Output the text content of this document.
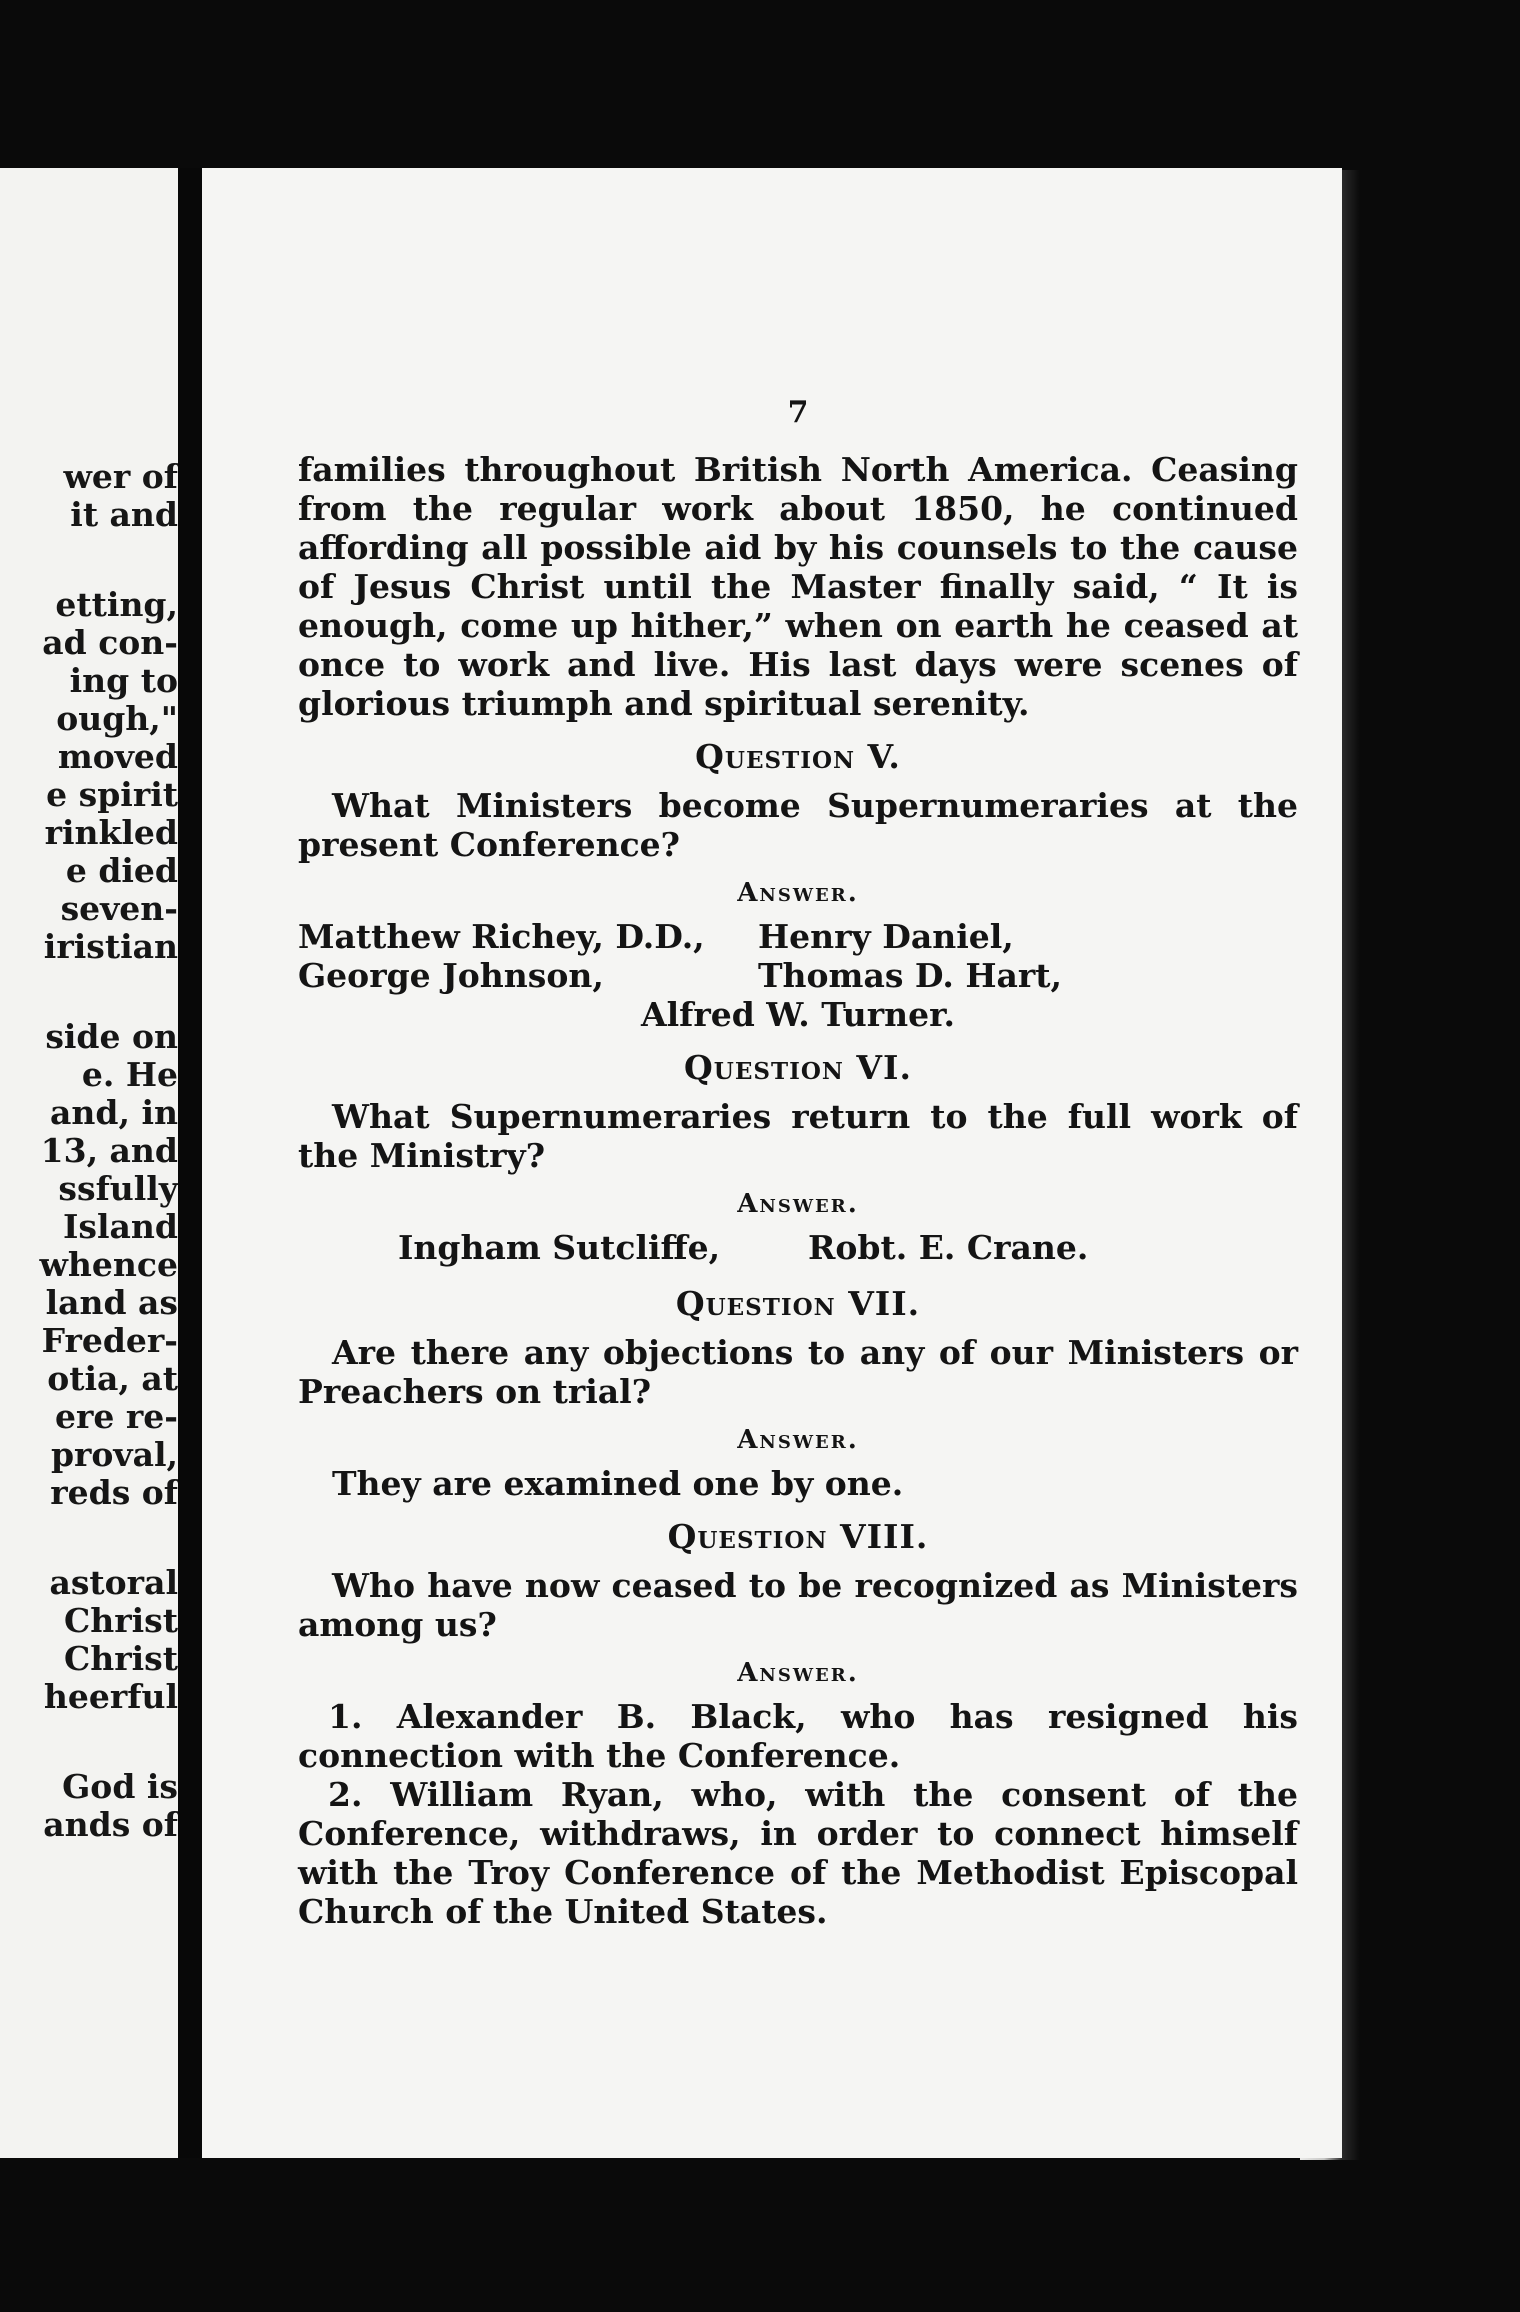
wer of
it and
etting,
ad con-
ing to
ough,"
moved
e spirit
rinkled
e died
seven-
iristian
side on
e. He
and, in
13, and
ssfully
Island
whence
land as
Freder-
otia, at
ere re-
proval,
reds of
astoral
Christ
Christ
heerful
God is
ands of
7

families throughout British North America. Ceasing from the regular work about 1850, he continued affording all possible aid by his counsels to the cause of Jesus Christ until the Master finally said, “ It is enough, come up hither,” when on earth he ceased at once to work and live. His last days were scenes of glorious triumph and spiritual serenity.

Question V.

What Ministers become Supernumeraries at the present Conference?

Answer.
Matthew Richey, D.D., Henry Daniel,
George Johnson,	Thomas D. Hart,
Alfred W. Turner.
Question VI.

What Supernumeraries return to the full work of the Ministry?

Answer.
Ingham Sutcliffe,	Robt. E. Crane.
Question VII.

Are there any objections to any of our Ministers or Preachers on trial?

Answer.

They are examined one by one.

Question VIII.

Who have now ceased to be recognized as Ministers among us?

Answer.

1. Alexander B. Black, who has resigned his connection with the Conference.

2. William Ryan, who, with the consent of the Conference, withdraws, in order to connect himself with the Troy Conference of the Methodist Episcopal Church of the United States.
